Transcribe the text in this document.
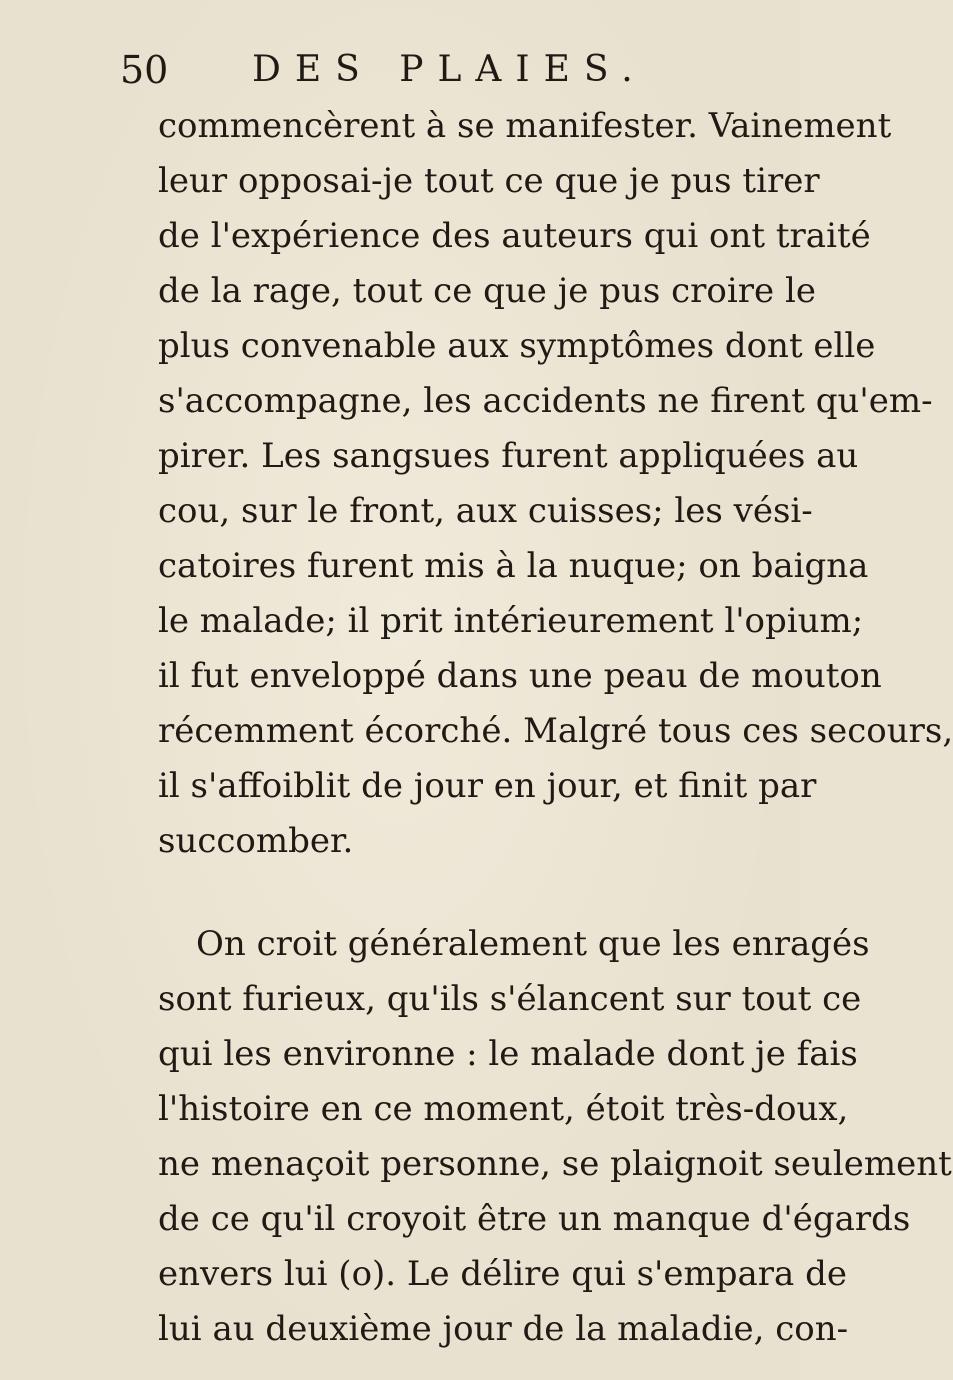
50 DES PLAIES.
commencèrent à se manifester. Vainement
leur opposai-je tout ce que je pus tirer
de l'expérience des auteurs qui ont traité
de la rage, tout ce que je pus croire le
plus convenable aux symptômes dont elle
s'accompagne, les accidents ne firent qu'em-
pirer. Les sangsues furent appliquées au
cou, sur le front, aux cuisses; les vési-
catoires furent mis à la nuque; on baigna
le malade; il prit intérieurement l'opium;
il fut enveloppé dans une peau de mouton
récemment écorché. Malgré tous ces secours,
il s'affoiblit de jour en jour, et finit par
succomber.
On croit généralement que les enragés
sont furieux, qu'ils s'élancent sur tout ce
qui les environne : le malade dont je fais
l'histoire en ce moment, étoit très-doux,
ne menaçoit personne, se plaignoit seulement
de ce qu'il croyoit être un manque d'égards
envers lui (o). Le délire qui s'empara de
lui au deuxième jour de la maladie, con-
